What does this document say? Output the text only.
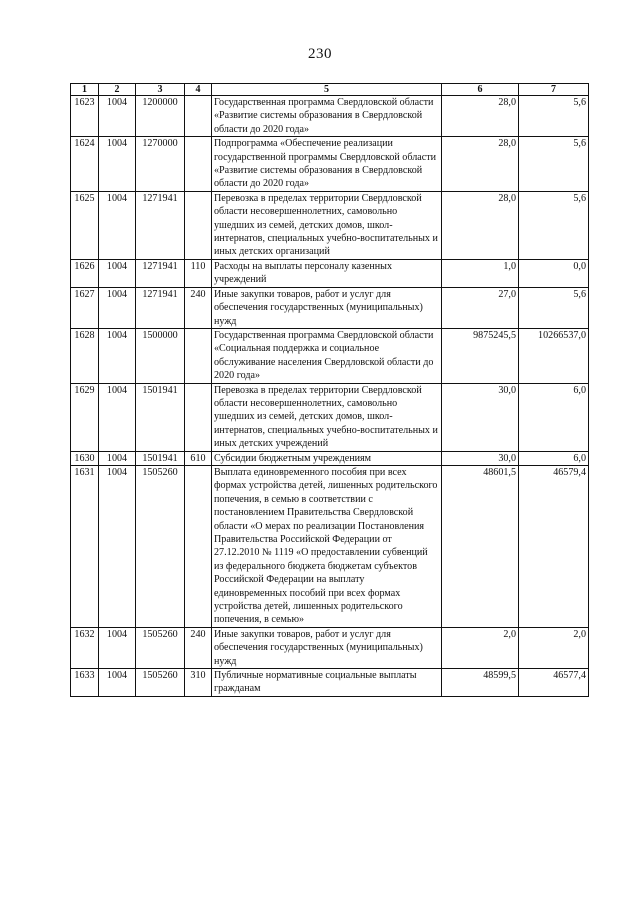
230
1	2	3	4	5	6	7
1623	1004	1200000		Государственная программа Свердловской области «Развитие системы образования в Свердловской области до 2020 года»	28,0	5,6
1624	1004	1270000		Подпрограмма «Обеспечение реализации государственной программы Свердловской области «Развитие системы образования в Свердловской области до 2020 года»	28,0	5,6
1625	1004	1271941		Перевозка в пределах территории Свердловской области несовершеннолетних, самовольно ушедших из семей, детских домов, школ-интернатов, специальных учебно-воспитательных и иных детских организаций	28,0	5,6
1626	1004	1271941	110	Расходы на выплаты персоналу казенных учреждений	1,0	0,0
1627	1004	1271941	240	Иные закупки товаров, работ и услуг для обеспечения государственных (муниципальных) нужд	27,0	5,6
1628	1004	1500000		Государственная программа Свердловской области «Социальная поддержка и социальное обслуживание населения Свердловской области до 2020 года»	9875245,5	10266537,0
1629	1004	1501941		Перевозка в пределах территории Свердловской области несовершеннолетних, самовольно ушедших из семей, детских домов, школ-интернатов, специальных учебно-воспитательных и иных детских учреждений	30,0	6,0
1630	1004	1501941	610	Субсидии бюджетным учреждениям	30,0	6,0
1631	1004	1505260		Выплата единовременного пособия при всех формах устройства детей, лишенных родительского попечения, в семью в соответствии с постановлением Правительства Свердловской области «О мерах по реализации Постановления Правительства Российской Федерации от 27.12.2010 № 1119 «О предоставлении субвенций из федерального бюджета бюджетам субъектов Российской Федерации на выплату единовременных пособий при всех формах устройства детей, лишенных родительского попечения, в семью»	48601,5	46579,4
1632	1004	1505260	240	Иные закупки товаров, работ и услуг для обеспечения государственных (муниципальных) нужд	2,0	2,0
1633	1004	1505260	310	Публичные нормативные социальные выплаты гражданам	48599,5	46577,4
